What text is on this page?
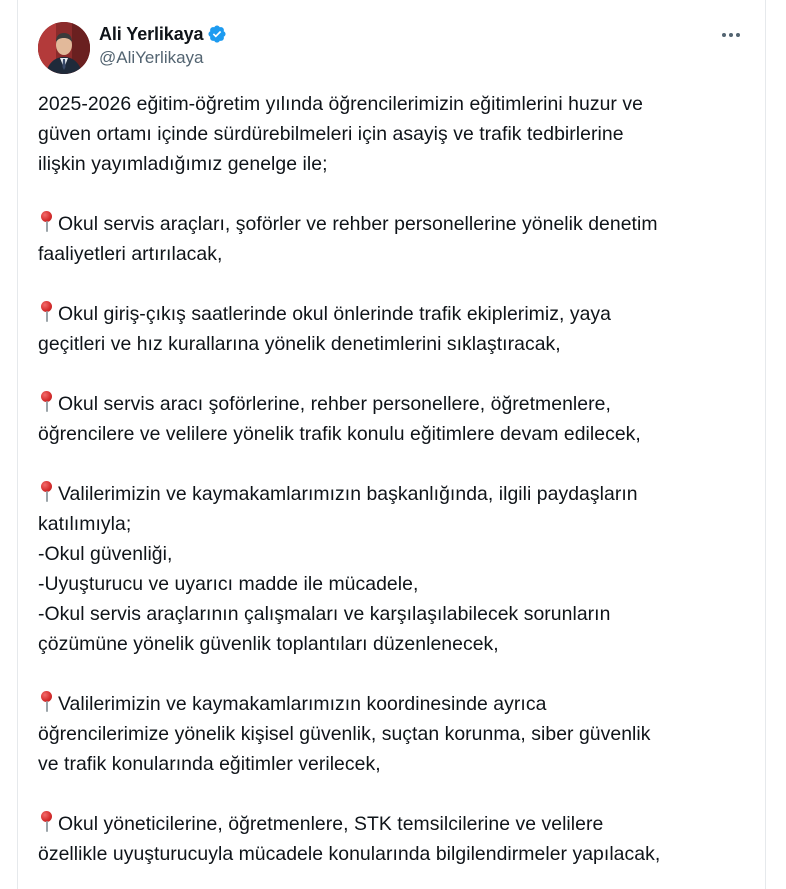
Ali Yerlikaya
@AliYerlikaya

2025-2026 eğitim-öğretim yılında öğrencilerimizin eğitimlerini huzur ve
güven ortamı içinde sürdürebilmeleri için asayiş ve trafik tedbirlerine
ilişkin yayımladığımız genelge ile;

Okul servis araçları, şoförler ve rehber personellerine yönelik denetim
faaliyetleri artırılacak,

Okul giriş-çıkış saatlerinde okul önlerinde trafik ekiplerimiz, yaya
geçitleri ve hız kurallarına yönelik denetimlerini sıklaştıracak,

Okul servis aracı şoförlerine, rehber personellere, öğretmenlere,
öğrencilere ve velilere yönelik trafik konulu eğitimlere devam edilecek,

Valilerimizin ve kaymakamlarımızın başkanlığında, ilgili paydaşların
katılımıyla;
-Okul güvenliği,
-Uyuşturucu ve uyarıcı madde ile mücadele,
-Okul servis araçlarının çalışmaları ve karşılaşılabilecek sorunların
çözümüne yönelik güvenlik toplantıları düzenlenecek,

Valilerimizin ve kaymakamlarımızın koordinesinde ayrıca
öğrencilerimize yönelik kişisel güvenlik, suçtan korunma, siber güvenlik
ve trafik konularında eğitimler verilecek,

Okul yöneticilerine, öğretmenlere, STK temsilcilerine ve velilere
özellikle uyuşturucuyla mücadele konularında bilgilendirmeler yapılacak,
